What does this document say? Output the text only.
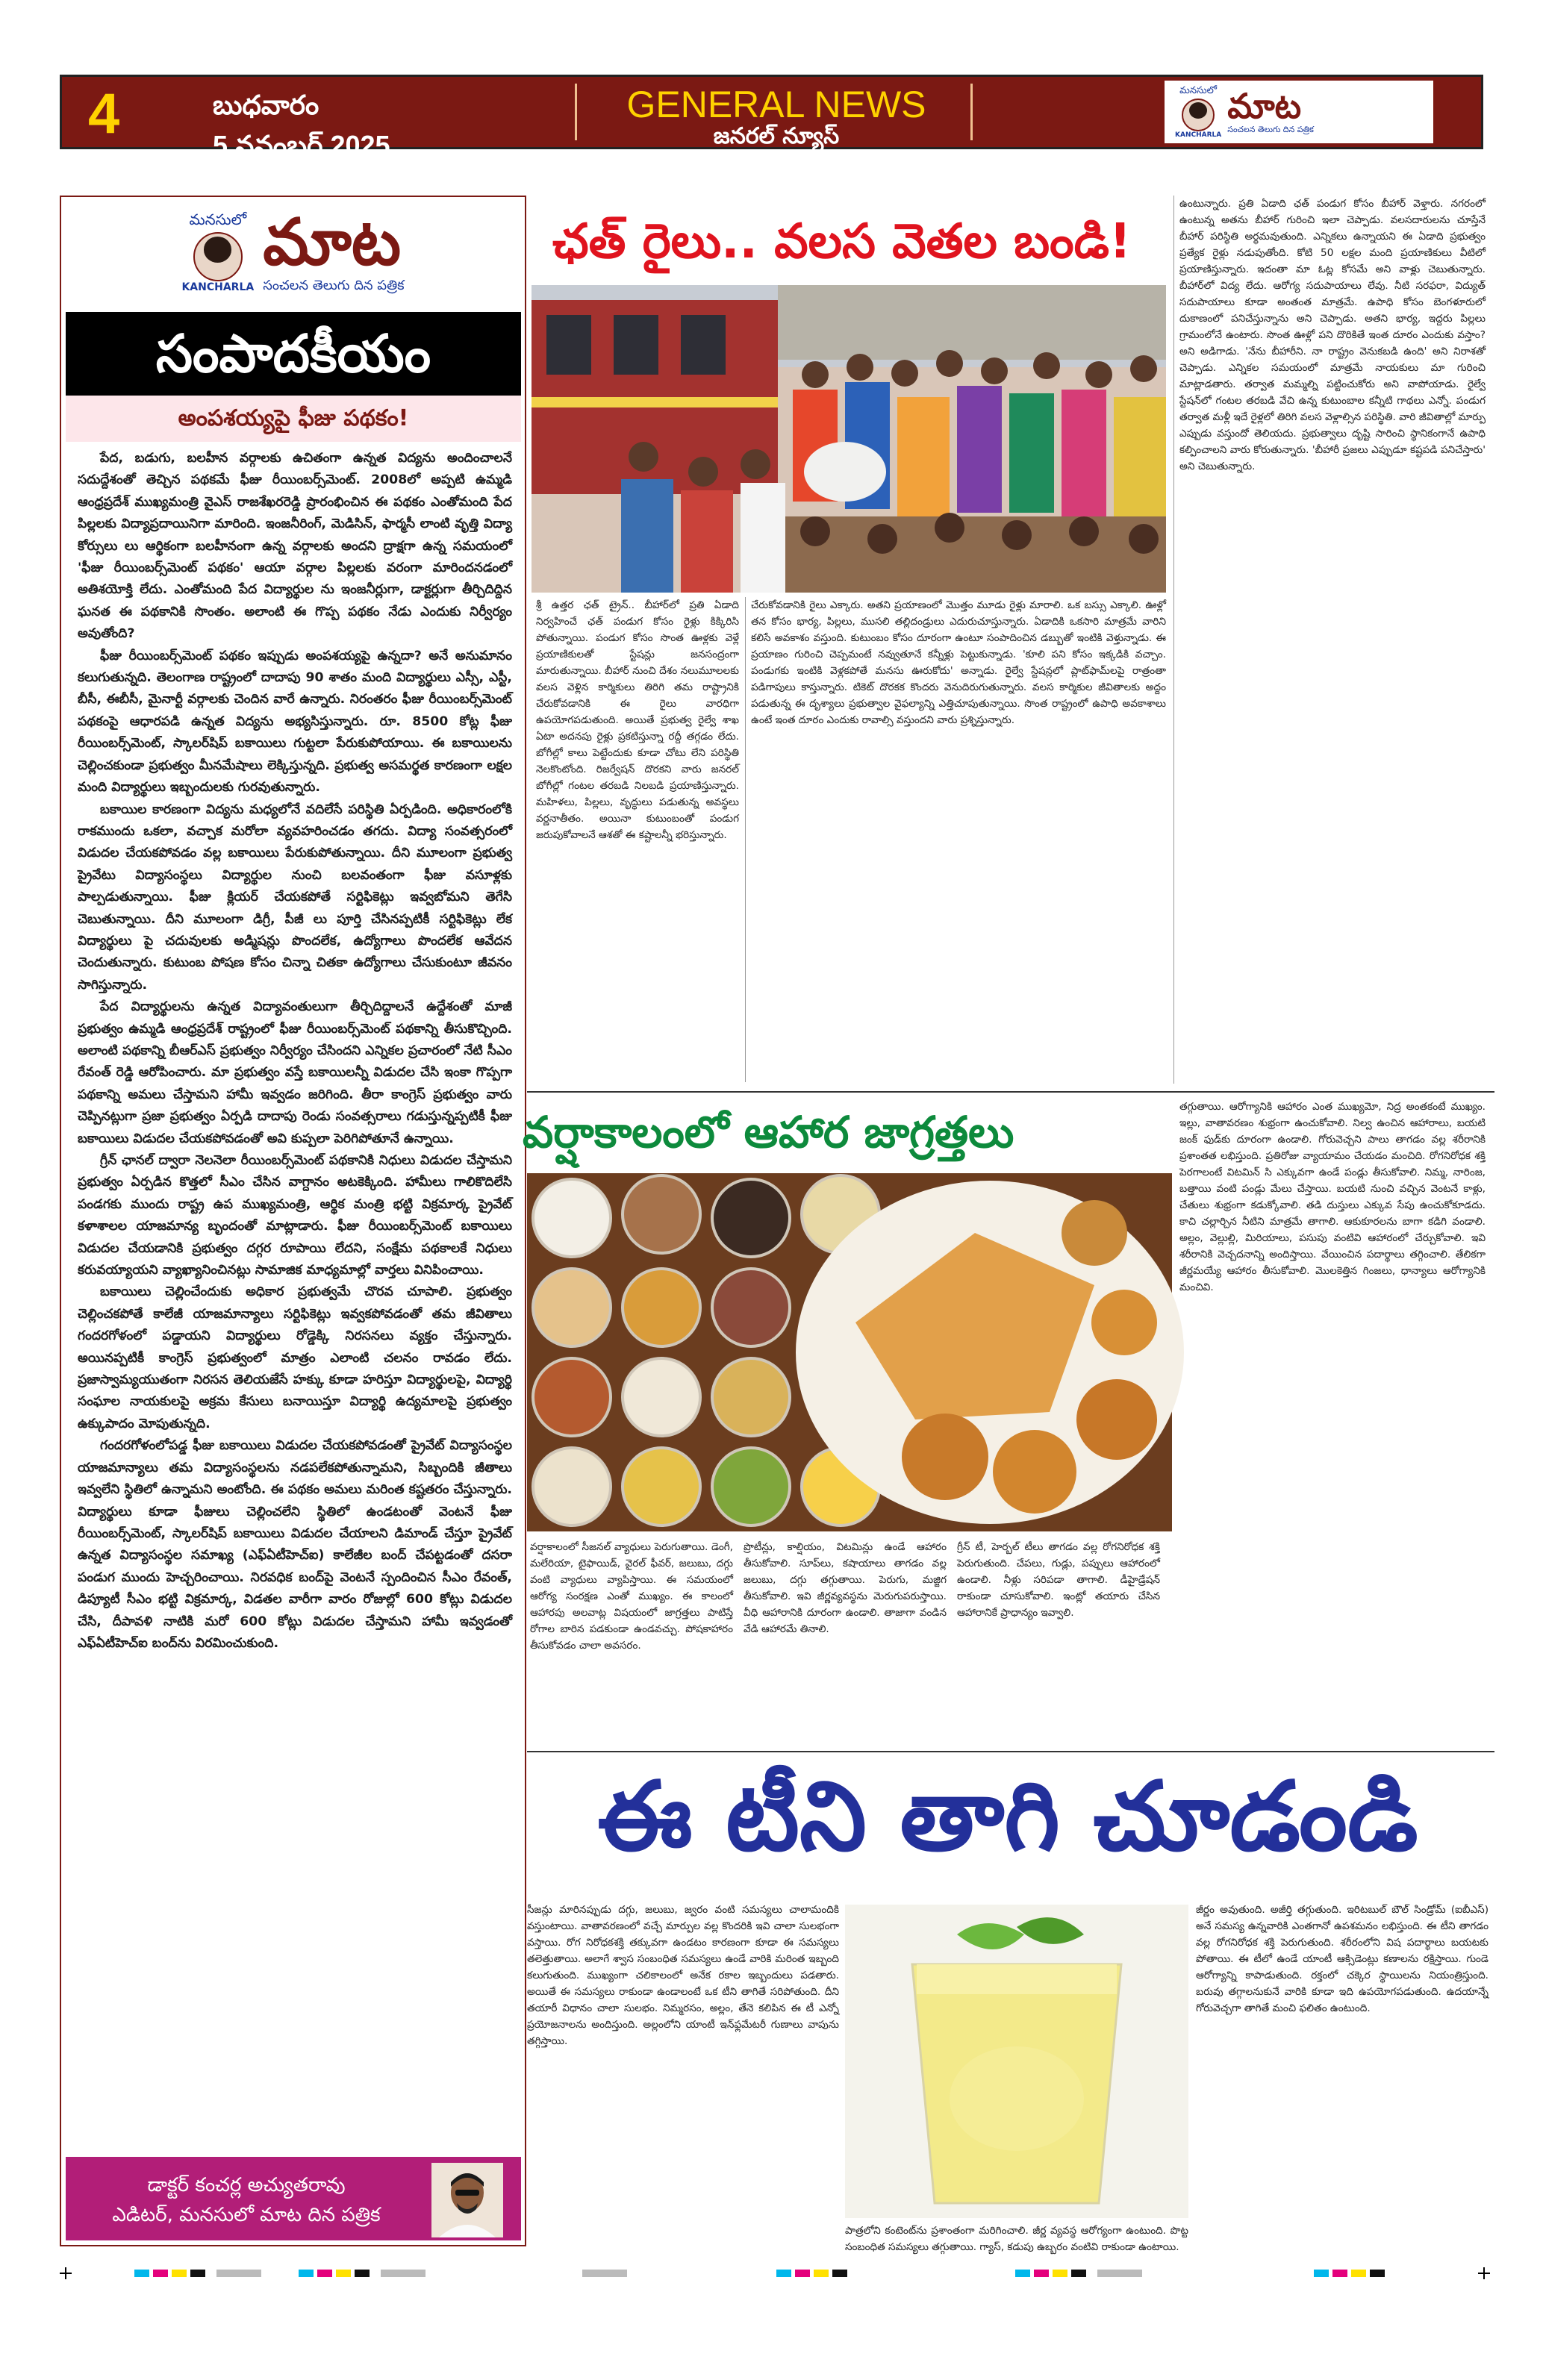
4	బుధవారం
5 నవంబర్ 2025
GENERAL NEWS
జనరల్ న్యూస్
మనసులో
KANCHARLA
మాట
సంచలన తెలుగు దిన పత్రిక
మనసులో
KANCHARLA
మాట
సంచలన తెలుగు దిన పత్రిక
సంపాదకీయం
అంపశయ్యపై ఫీజు పథకం!

పేద, బడుగు, బలహీన వర్గాలకు ఉచితంగా ఉన్నత విద్యను అందించాలనే సదుద్దేశంతో తెచ్చిన పథకమే ఫీజు రీయింబర్స్‌మెంట్. 2008లో అప్పటి ఉమ్మడి ఆంధ్రప్రదేశ్ ముఖ్యమంత్రి వైఎస్ రాజశేఖరరెడ్డి ప్రారంభించిన ఈ పథకం ఎంతోమంది పేద పిల్లలకు విద్యాప్రదాయినిగా మారింది. ఇంజనీరింగ్, మెడిసిన్, ఫార్మసీ లాంటి వృత్తి విద్యా కోర్సులు లు ఆర్థికంగా బలహీనంగా ఉన్న వర్గాలకు అందని ద్రాక్షగా ఉన్న సమయంలో 'ఫీజు రీయింబర్స్‌మెంట్ పథకం' ఆయా వర్గాల పిల్లలకు వరంగా మారిందనడంలో అతిశయోక్తి లేదు. ఎంతోమంది పేద విద్యార్థుల ను ఇంజనీర్లుగా, డాక్టర్లుగా తీర్చిదిద్దిన ఘనత ఈ పథకానికి సొంతం. అలాంటి ఈ గొప్ప పథకం నేడు ఎందుకు నిర్వీర్యం అవుతోంది?

ఫీజు రీయింబర్స్‌మెంట్ పథకం ఇప్పుడు అంపశయ్యపై ఉన్నదా? అనే అనుమానం కలుగుతున్నది. తెలంగాణ రాష్ట్రంలో దాదాపు 90 శాతం మంది విద్యార్థులు ఎస్సీ, ఎస్టీ, బీసీ, ఈబీసీ, మైనార్టీ వర్గాలకు చెందిన వారే ఉన్నారు. నిరంతరం ఫీజు రీయింబర్స్‌మెంట్ పథకంపై ఆధారపడి ఉన్నత విద్యను అభ్యసిస్తున్నారు. రూ. 8500 కోట్ల ఫీజు రీయింబర్స్‌మెంట్, స్కాలర్‌షిప్ బకాయిలు గుట్టలా పేరుకుపోయాయి. ఈ బకాయిలను చెల్లించకుండా ప్రభుత్వం మీనమేషాలు లెక్కిస్తున్నది. ప్రభుత్వ అసమర్థత కారణంగా లక్షల మంది విద్యార్థులు ఇబ్బందులకు గురవుతున్నారు.

బకాయిల కారణంగా విద్యను మధ్యలోనే వదిలేసే పరిస్థితి ఏర్పడింది. అధికారంలోకి రాకముందు ఒకలా, వచ్చాక మరోలా వ్యవహరించడం తగదు. విద్యా సంవత్సరంలో విడుదల చేయకపోవడం వల్ల బకాయిలు పేరుకుపోతున్నాయి. దీని మూలంగా ప్రభుత్వ ప్రైవేటు విద్యాసంస్థలు విద్యార్థుల నుంచి బలవంతంగా ఫీజు వసూళ్లకు పాల్పడుతున్నాయి. ఫీజు క్లియర్ చేయకపోతే సర్టిఫికెట్లు ఇవ్వబోమని తెగేసి చెబుతున్నాయి. దీని మూలంగా డిగ్రీ, పీజీ లు పూర్తి చేసినప్పటికీ సర్టిఫికెట్లు లేక విద్యార్థులు పై చదువులకు అడ్మిషన్లు పొందలేక, ఉద్యోగాలు పొందలేక ఆవేదన చెందుతున్నారు. కుటుంబ పోషణ కోసం చిన్నా చితకా ఉద్యోగాలు చేసుకుంటూ జీవనం సాగిస్తున్నారు.

పేద విద్యార్థులను ఉన్నత విద్యావంతులుగా తీర్చిదిద్దాలనే ఉద్దేశంతో మాజీ ప్రభుత్వం ఉమ్మడి ఆంధ్రప్రదేశ్ రాష్ట్రంలో ఫీజు రీయింబర్స్‌మెంట్ పథకాన్ని తీసుకొచ్చింది. అలాంటి పథకాన్ని బీఆర్ఎస్ ప్రభుత్వం నిర్వీర్యం చేసిందని ఎన్నికల ప్రచారంలో నేటి సీఎం రేవంత్ రెడ్డి ఆరోపించారు. మా ప్రభుత్వం వస్తే బకాయిలన్నీ విడుదల చేసి ఇంకా గొప్పగా పథకాన్ని అమలు చేస్తామని హామీ ఇవ్వడం జరిగింది. తీరా కాంగ్రెస్ ప్రభుత్వం వారు చెప్పినట్లుగా ప్రజా ప్రభుత్వం ఏర్పడి దాదాపు రెండు సంవత్సరాలు గడుస్తున్నప్పటికీ ఫీజు బకాయిలు విడుదల చేయకపోవడంతో అవి కుప్పలా పెరిగిపోతూనే ఉన్నాయి.

గ్రీన్ ఛానల్ ద్వారా నెలనెలా రీయింబర్స్‌మెంట్ పథకానికి నిధులు విడుదల చేస్తామని ప్రభుత్వం ఏర్పడిన కొత్తలో సీఎం చేసిన వాగ్దానం అటకెక్కింది. హామీలు గాలికొదిలేసి పండగకు ముందు రాష్ట్ర ఉప ముఖ్యమంత్రి, ఆర్థిక మంత్రి భట్టి విక్రమార్క ప్రైవేట్ కళాశాలల యాజమాన్య బృందంతో మాట్లాడారు. ఫీజు రీయింబర్స్‌మెంట్ బకాయిలు విడుదల చేయడానికి ప్రభుత్వం దగ్గర రూపాయి లేదని, సంక్షేమ పథకాలకే నిధులు కరువయ్యాయని వ్యాఖ్యానించినట్లు సామాజిక మాధ్యమాల్లో వార్తలు వినిపించాయి.

బకాయిలు చెల్లించేందుకు అధికార ప్రభుత్వమే చొరవ చూపాలి. ప్రభుత్వం చెల్లించకపోతే కాలేజీ యాజమాన్యాలు సర్టిఫికెట్లు ఇవ్వకపోవడంతో తమ జీవితాలు గందరగోళంలో పడ్డాయని విద్యార్థులు రోడ్డెక్కి నిరసనలు వ్యక్తం చేస్తున్నారు. అయినప్పటికీ కాంగ్రెస్ ప్రభుత్వంలో మాత్రం ఎలాంటి చలనం రావడం లేదు. ప్రజాస్వామ్యయుతంగా నిరసన తెలియజేసే హక్కు కూడా హరిస్తూ విద్యార్థులపై, విద్యార్థి సంఘాల నాయకులపై అక్రమ కేసులు బనాయిస్తూ విద్యార్థి ఉద్యమాలపై ప్రభుత్వం ఉక్కుపాదం మోపుతున్నది.

గందరగోళంలోపడ్డ ఫీజు బకాయిలు విడుదల చేయకపోవడంతో ప్రైవేట్ విద్యాసంస్థల యాజమాన్యాలు తమ విద్యాసంస్థలను నడపలేకపోతున్నామని, సిబ్బందికి జీతాలు ఇవ్వలేని స్థితిలో ఉన్నామని అంటోంది. ఈ పథకం అమలు మరింత కష్టతరం చేస్తున్నారు. విద్యార్థులు కూడా ఫీజులు చెల్లించలేని స్థితిలో ఉండటంతో వెంటనే ఫీజు రీయింబర్స్‌మెంట్, స్కాలర్‌షిప్ బకాయిలు విడుదల చేయాలని డిమాండ్ చేస్తూ ప్రైవేట్ ఉన్నత విద్యాసంస్థల సమాఖ్య (ఎఫ్ఏటీహెచ్ఐ) కాలేజీల బంద్ చేపట్టడంతో దసరా పండుగ ముందు హెచ్చరించాయి. నిరవధిక బంద్‌పై వెంటనే స్పందించిన సీఎం రేవంత్, డిప్యూటీ సీఎం భట్టి విక్రమార్క, విడతల వారీగా వారం రోజుల్లో 600 కోట్లు విడుదల చేసి, దీపావళి నాటికి మరో 600 కోట్లు విడుదల చేస్తామని హామీ ఇవ్వడంతో ఎఫ్ఏటీహెచ్ఐ బంద్‌ను విరమించుకుంది.

డాక్టర్ కంచర్ల అచ్యుతరావు
ఎడిటర్, మనసులో మాట దిన పత్రిక
ఛత్ రైలు.. వలస వెతల బండి!
శ్రీ ఉత్తర ఛత్ ట్రైన్.. బీహార్‌లో ప్రతి ఏడాది నిర్వహించే ఛత్ పండుగ కోసం రైళ్లు కిక్కిరిసి పోతున్నాయి. పండుగ కోసం సొంత ఊళ్లకు వెళ్లే ప్రయాణికులతో స్టేషన్లు జనసంద్రంగా మారుతున్నాయి. బీహార్ నుంచి దేశం నలుమూలలకు వలస వెళ్లిన కార్మికులు తిరిగి తమ రాష్ట్రానికి చేరుకోవడానికి ఈ రైలు వారధిగా ఉపయోగపడుతుంది. అయితే ప్రభుత్వ రైల్వే శాఖ ఏటా అదనపు రైళ్లు ప్రకటిస్తున్నా రద్దీ తగ్గడం లేదు. బోగీల్లో కాలు పెట్టేందుకు కూడా చోటు లేని పరిస్థితి నెలకొంటోంది. రిజర్వేషన్ దొరకని వారు జనరల్ బోగీల్లో గంటల తరబడి నిలబడి ప్రయాణిస్తున్నారు. మహిళలు, పిల్లలు, వృద్ధులు పడుతున్న అవస్థలు వర్ణనాతీతం. అయినా కుటుంబంతో పండుగ జరుపుకోవాలనే ఆశతో ఈ కష్టాలన్నీ భరిస్తున్నారు.
చేరుకోవడానికి రైలు ఎక్కారు. అతని ప్రయాణంలో మొత్తం మూడు రైళ్లు మారాలి. ఒక బస్సు ఎక్కాలి. ఊళ్లో తన కోసం భార్య, పిల్లలు, ముసలి తల్లిదండ్రులు ఎదురుచూస్తున్నారు. ఏడాదికి ఒకసారి మాత్రమే వారిని కలిసే అవకాశం వస్తుంది. కుటుంబం కోసం దూరంగా ఉంటూ సంపాదించిన డబ్బుతో ఇంటికి వెళ్తున్నాడు. ఈ ప్రయాణం గురించి చెప్పమంటే నవ్వుతూనే కన్నీళ్లు పెట్టుకున్నాడు. 'కూలి పని కోసం ఇక్కడికి వచ్చాం. పండుగకు ఇంటికి వెళ్లకపోతే మనసు ఊరుకోదు' అన్నాడు. రైల్వే స్టేషన్లలో ప్లాట్‌ఫామ్‌లపై రాత్రంతా పడిగాపులు కాస్తున్నారు. టికెట్ దొరకక కొందరు వెనుదిరుగుతున్నారు. వలస కార్మికుల జీవితాలకు అద్దం పడుతున్న ఈ దృశ్యాలు ప్రభుత్వాల వైఫల్యాన్ని ఎత్తిచూపుతున్నాయి. సొంత రాష్ట్రంలో ఉపాధి అవకాశాలు ఉంటే ఇంత దూరం ఎందుకు రావాల్సి వస్తుందని వారు ప్రశ్నిస్తున్నారు.
ఉంటున్నారు. ప్రతి ఏడాది ఛత్ పండుగ కోసం బీహార్ వెళ్తారు. నగరంలో ఉంటున్న అతను బీహార్ గురించి ఇలా చెప్పాడు. వలసదారులను చూస్తేనే బీహార్ పరిస్థితి అర్థమవుతుంది. ఎన్నికలు ఉన్నాయని ఈ ఏడాది ప్రభుత్వం ప్రత్యేక రైళ్లు నడుపుతోంది. కోటి 50 లక్షల మంది ప్రయాణికులు వీటిలో ప్రయాణిస్తున్నారు. ఇదంతా మా ఓట్ల కోసమే అని వాళ్లు చెబుతున్నారు. బీహార్‌లో విద్య లేదు. ఆరోగ్య సదుపాయాలు లేవు. నీటి సరఫరా, విద్యుత్ సదుపాయాలు కూడా అంతంత మాత్రమే. ఉపాధి కోసం బెంగళూరులో దుకాణంలో పనిచేస్తున్నాను అని చెప్పాడు. అతని భార్య, ఇద్దరు పిల్లలు గ్రామంలోనే ఉంటారు. సొంత ఊళ్లో పని దొరికితే ఇంత దూరం ఎందుకు వస్తాం? అని అడిగాడు. 'నేను బీహారీని. నా రాష్ట్రం వెనుకబడి ఉంది' అని నిరాశతో చెప్పాడు. ఎన్నికల సమయంలో మాత్రమే నాయకులు మా గురించి మాట్లాడతారు. తర్వాత మమ్మల్ని పట్టించుకోరు అని వాపోయాడు. రైల్వే స్టేషన్‌లో గంటల తరబడి వేచి ఉన్న కుటుంబాల కన్నీటి గాథలు ఎన్నో. పండుగ తర్వాత మళ్లీ ఇదే రైళ్లలో తిరిగి వలస వెళ్లాల్సిన పరిస్థితి. వారి జీవితాల్లో మార్పు ఎప్పుడు వస్తుందో తెలియదు. ప్రభుత్వాలు దృష్టి సారించి స్థానికంగానే ఉపాధి కల్పించాలని వారు కోరుతున్నారు. 'బీహారీ ప్రజలు ఎప్పుడూ కష్టపడి పనిచేస్తారు' అని చెబుతున్నారు.
వర్షాకాలంలో ఆహార జాగ్రత్తలు	తగ్గుతాయి. ఆరోగ్యానికి ఆహారం ఎంత ముఖ్యమో, నిద్ర అంతకంటే ముఖ్యం. ఇల్లు, వాతావరణం శుభ్రంగా ఉంచుకోవాలి. నిల్వ ఉంచిన ఆహారాలు, బయటి జంక్ ఫుడ్‌కు దూరంగా ఉండాలి. గోరువెచ్చని పాలు తాగడం వల్ల శరీరానికి ప్రశాంతత లభిస్తుంది. ప్రతిరోజు వ్యాయామం చేయడం మంచిది. రోగనిరోధక శక్తి పెరగాలంటే విటమిన్ సి ఎక్కువగా ఉండే పండ్లు తీసుకోవాలి. నిమ్మ, నారింజ, బత్తాయి వంటి పండ్లు మేలు చేస్తాయి. బయటి నుంచి వచ్చిన వెంటనే కాళ్లు, చేతులు శుభ్రంగా కడుక్కోవాలి. తడి దుస్తులు ఎక్కువ సేపు ఉంచుకోకూడదు. కాచి చల్లార్చిన నీటిని మాత్రమే తాగాలి. ఆకుకూరలను బాగా కడిగి వండాలి. అల్లం, వెల్లుల్లి, మిరియాలు, పసుపు వంటివి ఆహారంలో చేర్చుకోవాలి. ఇవి శరీరానికి వెచ్చదనాన్ని అందిస్తాయి. వేయించిన పదార్థాలు తగ్గించాలి. తేలికగా జీర్ణమయ్యే ఆహారం తీసుకోవాలి. మొలకెత్తిన గింజలు, ధాన్యాలు ఆరోగ్యానికి మంచివి.
వర్షాకాలంలో సీజనల్ వ్యాధులు పెరుగుతాయి. డెంగీ, మలేరియా, టైఫాయిడ్, వైరల్ ఫీవర్, జలుబు, దగ్గు వంటి వ్యాధులు వ్యాపిస్తాయి. ఈ సమయంలో ఆరోగ్య సంరక్షణ ఎంతో ముఖ్యం. ఈ కాలంలో ఆహారపు అలవాట్ల విషయంలో జాగ్రత్తలు పాటిస్తే రోగాల బారిన పడకుండా ఉండవచ్చు. పోషకాహారం తీసుకోవడం చాలా అవసరం.
ప్రొటీన్లు, కాల్షియం, విటమిన్లు ఉండే ఆహారం తీసుకోవాలి. సూప్‌లు, కషాయాలు తాగడం వల్ల జలుబు, దగ్గు తగ్గుతాయి. పెరుగు, మజ్జిగ తీసుకోవాలి. ఇవి జీర్ణవ్యవస్థను మెరుగుపరుస్తాయి. వీధి ఆహారానికి దూరంగా ఉండాలి. తాజాగా వండిన వేడి ఆహారమే తినాలి.
గ్రీన్ టీ, హెర్బల్ టీలు తాగడం వల్ల రోగనిరోధక శక్తి పెరుగుతుంది. చేపలు, గుడ్లు, పప్పులు ఆహారంలో ఉండాలి. నీళ్లు సరిపడా తాగాలి. డీహైడ్రేషన్ రాకుండా చూసుకోవాలి. ఇంట్లో తయారు చేసిన ఆహారానికే ప్రాధాన్యం ఇవ్వాలి.
ఈ టీని తాగి చూడండి
సీజన్లు మారినప్పుడు దగ్గు, జలుబు, జ్వరం వంటి సమస్యలు చాలామందికి వస్తుంటాయి. వాతావరణంలో వచ్చే మార్పుల వల్ల కొందరికి ఇవి చాలా సులభంగా వస్తాయి. రోగ నిరోధకశక్తి తక్కువగా ఉండటం కారణంగా కూడా ఈ సమస్యలు తలెత్తుతాయి. అలాగే శ్వాస సంబంధిత సమస్యలు ఉండే వారికి మరింత ఇబ్బంది కలుగుతుంది. ముఖ్యంగా చలికాలంలో అనేక రకాల ఇబ్బందులు పడతారు. అయితే ఈ సమస్యలు రాకుండా ఉండాలంటే ఒక టీని తాగితే సరిపోతుంది. దీని తయారీ విధానం చాలా సులభం. నిమ్మరసం, అల్లం, తేనె కలిపిన ఈ టీ ఎన్నో ప్రయోజనాలను అందిస్తుంది. అల్లంలోని యాంటీ ఇన్‌ఫ్లమేటరీ గుణాలు వాపును తగ్గిస్తాయి.
పాత్రలోని కంటెంట్‌ను ప్రశాంతంగా మరిగించాలి. జీర్ణ వ్యవస్థ ఆరోగ్యంగా ఉంటుంది. పొట్ట సంబంధిత సమస్యలు తగ్గుతాయి. గ్యాస్, కడుపు ఉబ్బరం వంటివి రాకుండా ఉంటాయి.
జీర్ణం అవుతుంది. అజీర్తి తగ్గుతుంది. ఇరిటబుల్ బౌల్ సిండ్రోమ్ (ఐబీఎస్) అనే సమస్య ఉన్నవారికి ఎంతగానో ఉపశమనం లభిస్తుంది. ఈ టీని తాగడం వల్ల రోగనిరోధక శక్తి పెరుగుతుంది. శరీరంలోని విష పదార్థాలు బయటకు పోతాయి. ఈ టీలో ఉండే యాంటీ ఆక్సిడెంట్లు కణాలను రక్షిస్తాయి. గుండె ఆరోగ్యాన్ని కాపాడుతుంది. రక్తంలో చక్కెర స్థాయిలను నియంత్రిస్తుంది. బరువు తగ్గాలనుకునే వారికి కూడా ఇది ఉపయోగపడుతుంది. ఉదయాన్నే గోరువెచ్చగా తాగితే మంచి ఫలితం ఉంటుంది.
